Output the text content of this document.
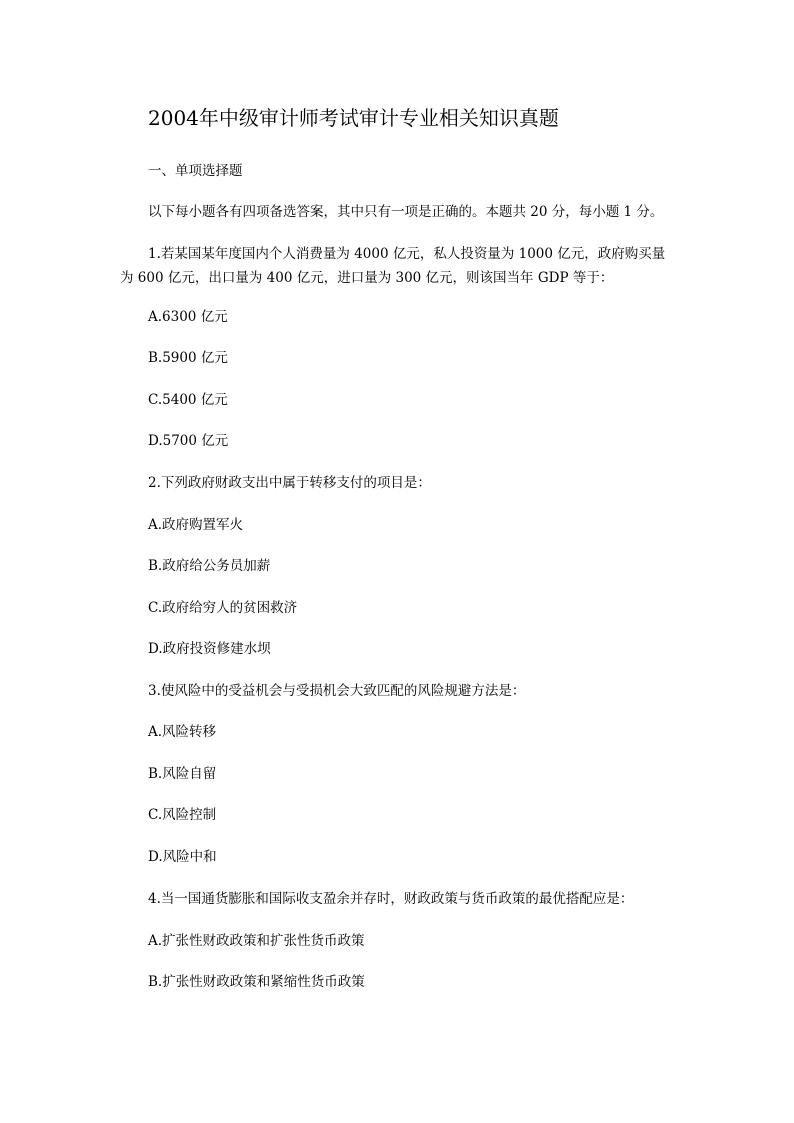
2004年中级审计师考试审计专业相关知识真题
一、单项选择题
以下每小题各有四项备选答案，其中只有一项是正确的。本题共 20 分，每小题 1 分。
1.若某国某年度国内个人消费量为 4000 亿元，私人投资量为 1000 亿元，政府购买量
为 600 亿元，出口量为 400 亿元，进口量为 300 亿元，则该国当年 GDP 等于：
A.6300 亿元
B.5900 亿元
C.5400 亿元
D.5700 亿元
2.下列政府财政支出中属于转移支付的项目是：
A.政府购置军火
B.政府给公务员加薪
C.政府给穷人的贫困救济
D.政府投资修建水坝
3.使风险中的受益机会与受损机会大致匹配的风险规避方法是：
A.风险转移
B.风险自留
C.风险控制
D.风险中和
4.当一国通货膨胀和国际收支盈余并存时，财政政策与货币政策的最优搭配应是：
A.扩张性财政政策和扩张性货币政策
B.扩张性财政政策和紧缩性货币政策
